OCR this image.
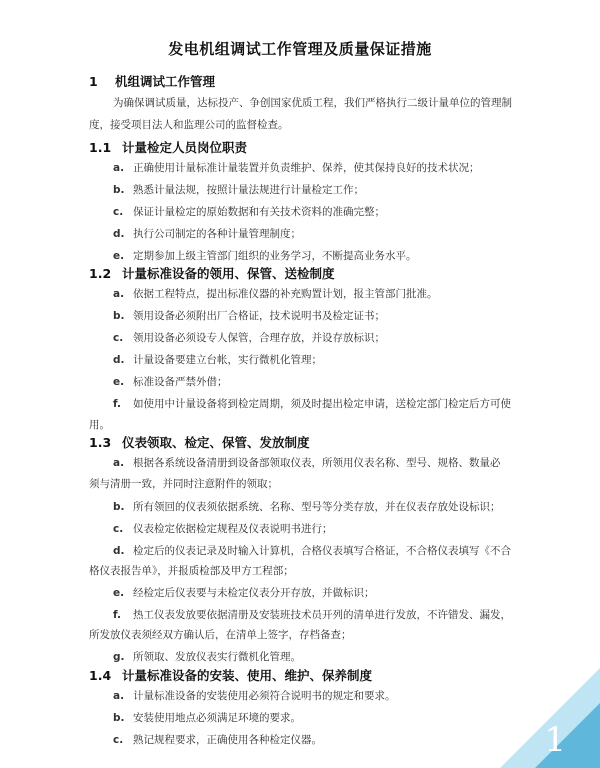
发电机组调试工作管理及质量保证措施
1 机组调试工作管理
为确保调试质量，达标投产、争创国家优质工程，我们严格执行二级计量单位的管理制
度，接受项目法人和监理公司的监督检查。
1.1 计量检定人员岗位职责
a. 正确使用计量标准计量装置并负责维护、保养，使其保持良好的技术状况；
b. 熟悉计量法规，按照计量法规进行计量检定工作；
c. 保证计量检定的原始数据和有关技术资料的准确完整；
d. 执行公司制定的各种计量管理制度；
e. 定期参加上级主管部门组织的业务学习，不断提高业务水平。
1.2 计量标准设备的领用、保管、送检制度
a. 依据工程特点，提出标准仪器的补充购置计划，报主管部门批准。
b. 领用设备必须附出厂合格证，技术说明书及检定证书；
c. 领用设备必须设专人保管，合理存放，并设存放标识；
d. 计量设备要建立台帐，实行微机化管理；
e. 标准设备严禁外借；
f.	如使用中计量设备将到检定周期，须及时提出检定申请，送检定部门检定后方可使
用。
1.3 仪表领取、检定、保管、发放制度
a. 根据各系统设备清册到设备部领取仪表，所领用仪表名称、型号、规格、数量必
须与清册一致，并同时注意附件的领取；
b. 所有领回的仪表须依据系统、名称、型号等分类存放，并在仪表存放处设标识；
c. 仪表检定依据检定规程及仪表说明书进行；
d. 检定后的仪表记录及时输入计算机，合格仪表填写合格证，不合格仪表填写《不合
格仪表报告单》，并报质检部及甲方工程部；
e. 经检定后仪表要与未检定仪表分开存放，并做标识；
f.	热工仪表发放要依据清册及安装班技术员开列的清单进行发放，不许错发、漏发，
所发放仪表须经双方确认后，在清单上签字，存档备查；
g. 所领取、发放仪表实行微机化管理。
1.4 计量标准设备的安装、使用、维护、保养制度
a. 计量标准设备的安装使用必须符合说明书的规定和要求。
b. 安装使用地点必须满足环境的要求。
c. 熟记规程要求，正确使用各种检定仪器。	1
